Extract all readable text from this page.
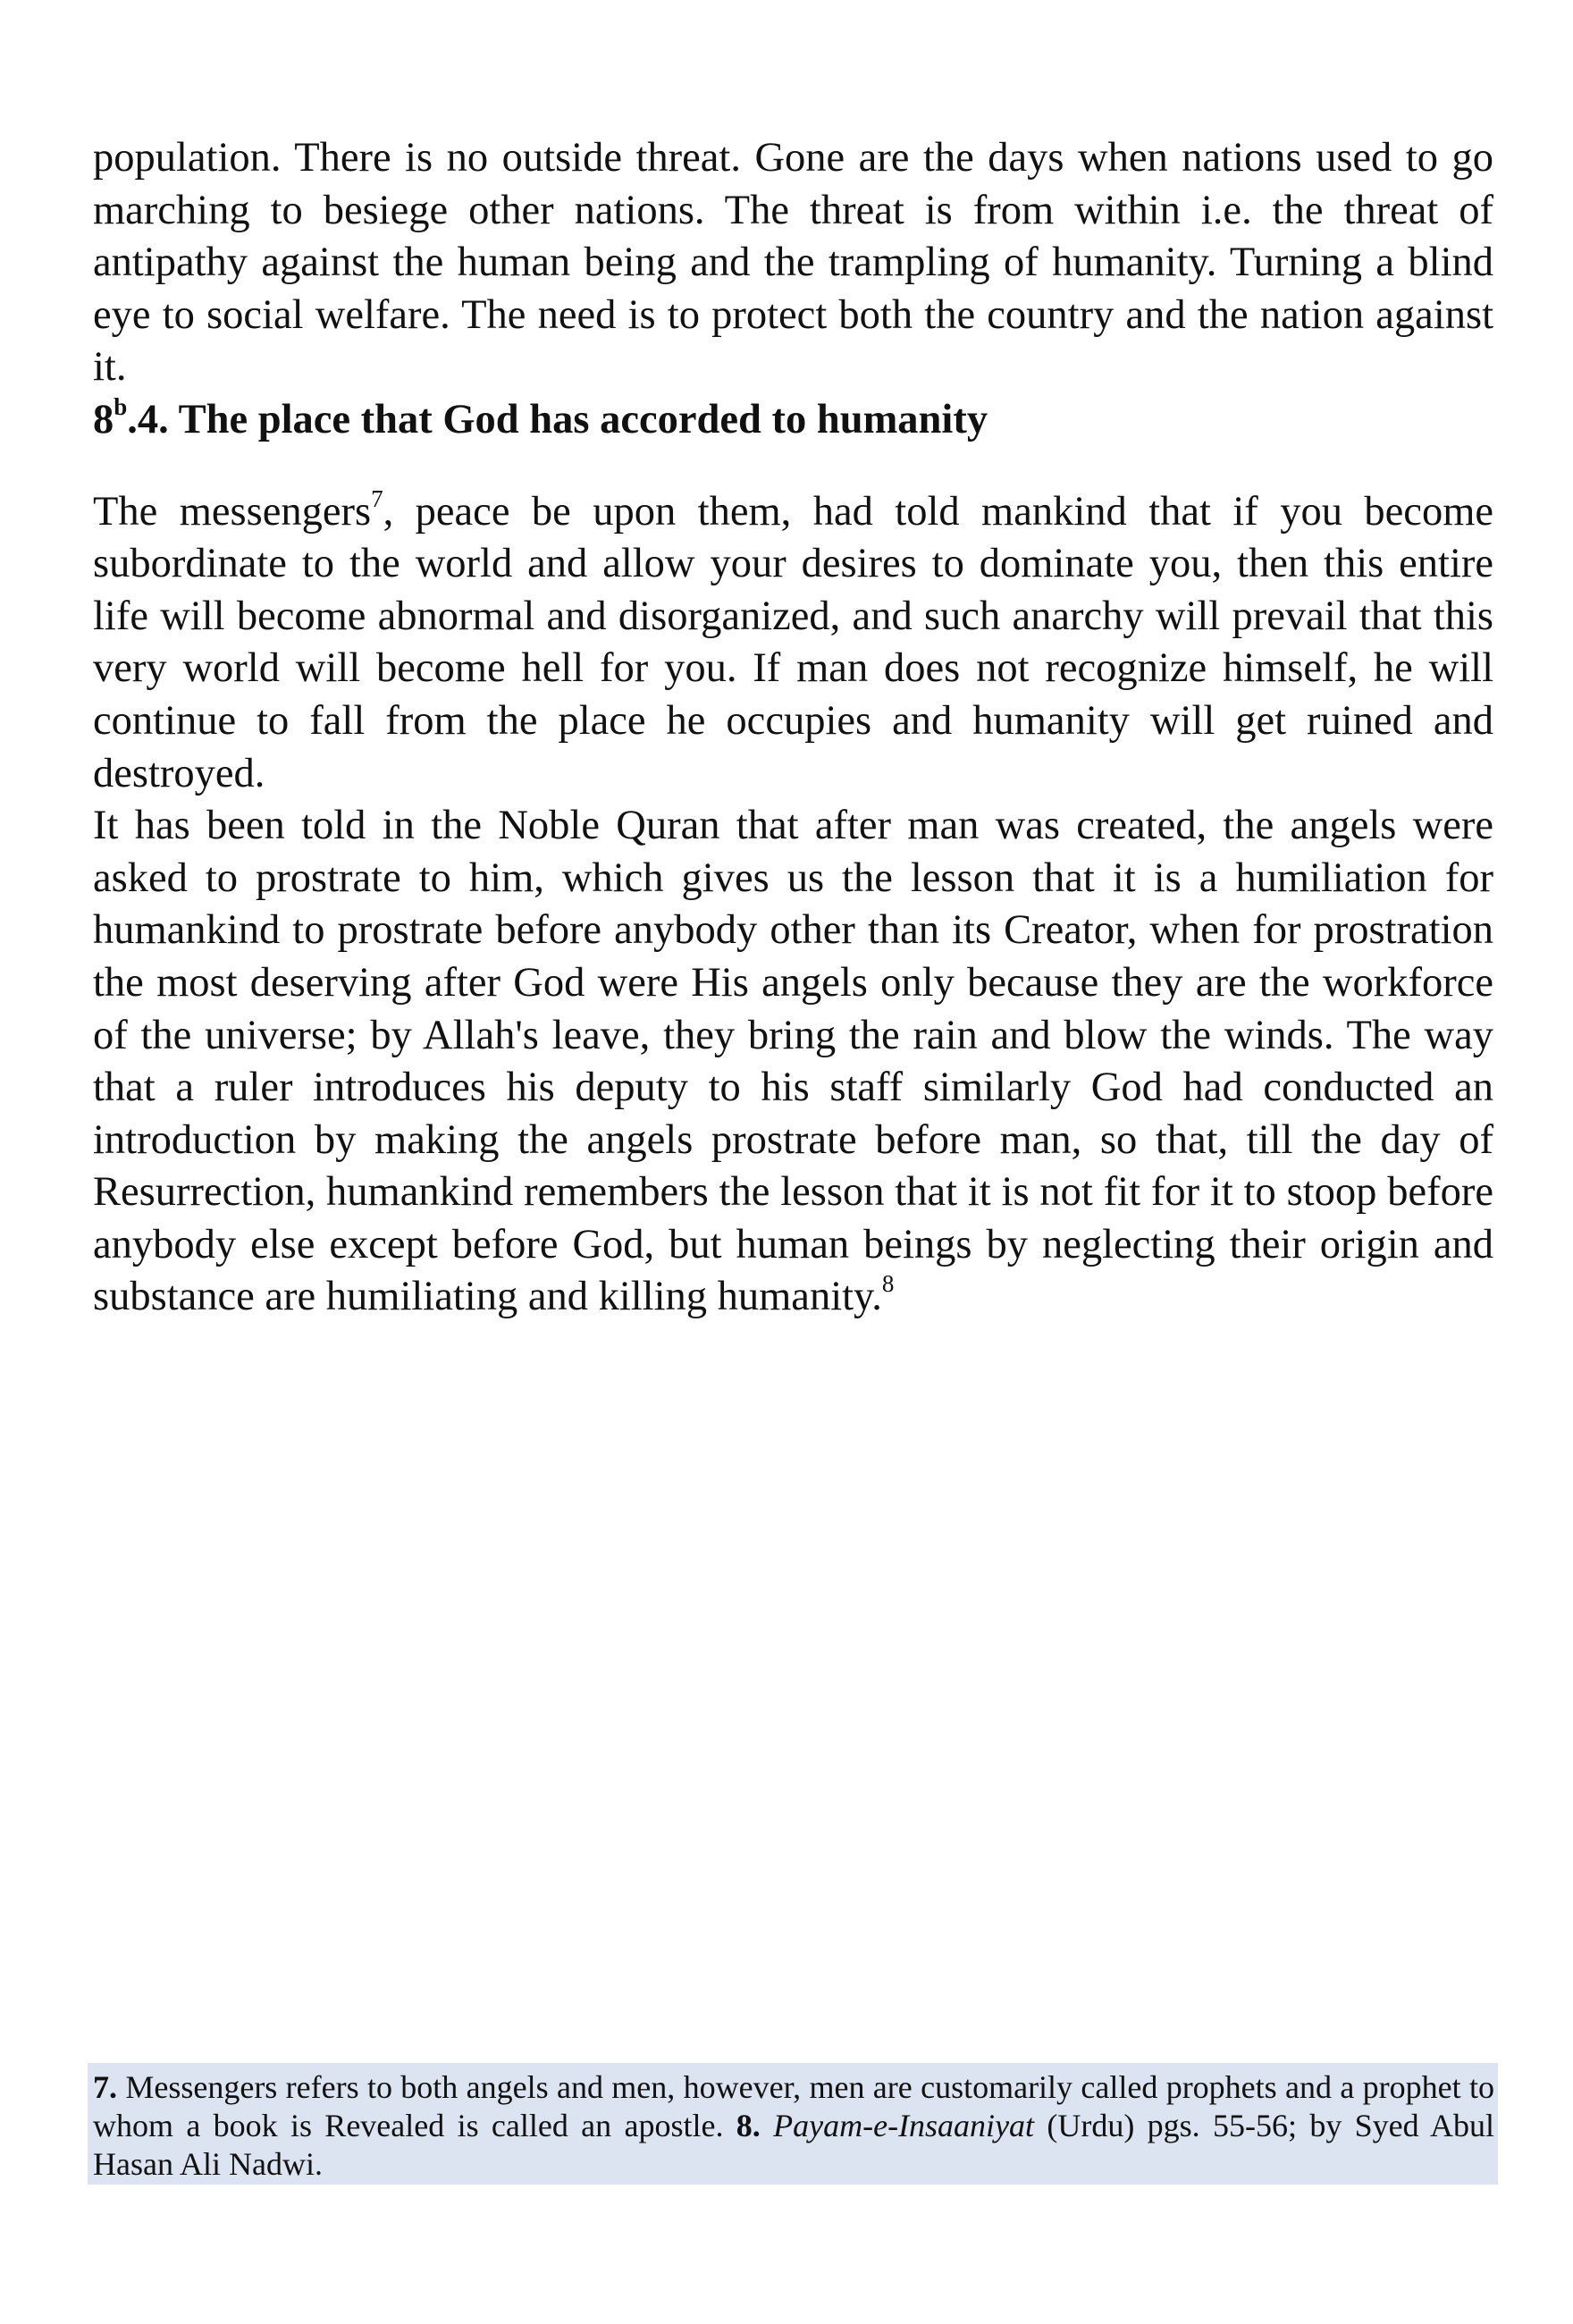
population. There is no outside threat. Gone are the days when nations used to go marching to besiege other nations. The threat is from within i.e. the threat of antipathy against the human being and the trampling of humanity. Turning a blind eye to social welfare. The need is to protect both the country and the nation against it.

8$^b$.4. The place that God has accorded to humanity

The messengers$^7$, peace be upon them, had told mankind that if you become subordinate to the world and allow your desires to dominate you, then this entire life will become abnormal and disorganized, and such anarchy will prevail that this very world will become hell for you. If man does not recognize himself, he will continue to fall from the place he occupies and humanity will get ruined and destroyed.

It has been told in the Noble Quran that after man was created, the angels were asked to prostrate to him, which gives us the lesson that it is a humiliation for humankind to prostrate before anybody other than its Creator, when for prostration the most deserving after God were His angels only because they are the workforce of the universe; by Allah's leave, they bring the rain and blow the winds. The way that a ruler introduces his deputy to his staff similarly God had conducted an introduction by making the angels prostrate before man, so that, till the day of Resurrection, humankind remembers the lesson that it is not fit for it to stoop before anybody else except before God, but human beings by neglecting their origin and substance are humiliating and killing humanity.$^8$

7. Messengers refers to both angels and men, however, men are customarily called prophets and a prophet to whom a book is Revealed is called an apostle. 8. Payam-e-Insaaniyat (Urdu) pgs. 55-56; by Syed Abul Hasan Ali Nadwi.
